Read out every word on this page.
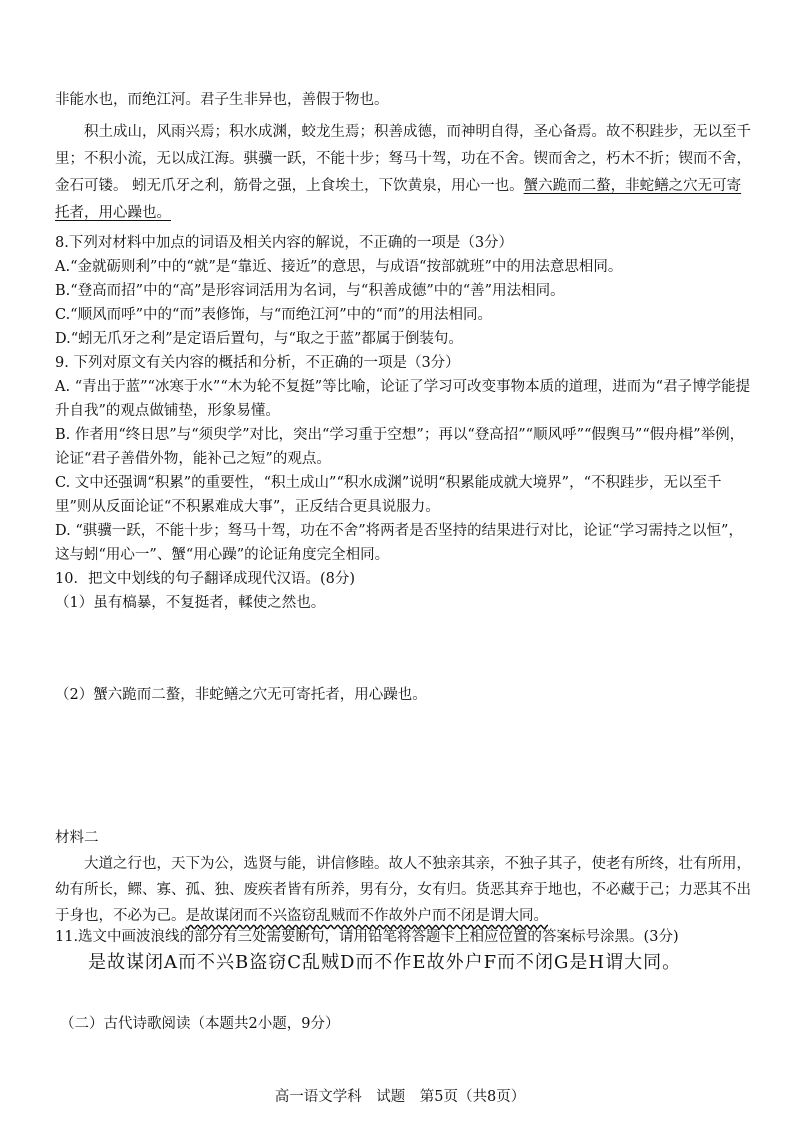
非能水也，而绝江河。君子生非异也，善假于物也。

积土成山，风雨兴焉；积水成渊，蛟龙生焉；积善成德，而神明自得，圣心备焉。故不积跬步，无以至千里；不积小流，无以成江海。骐骥一跃，不能十步；驽马十驾，功在不舍。锲而舍之，朽木不折；锲而不舍，金石可镂。 蚓无爪牙之利，筋骨之强，上食埃土，下饮黄泉，用心一也。蟹六跪而二螯，非蛇鳝之穴无可寄托者，用心躁也。

8.下列对材料中加点的词语及相关内容的解说，不正确的一项是（3分）

A.“金就砺则利”中的“就”是“靠近、接近”的意思，与成语“按部就班”中的用法意思相同。

B.“登高而招”中的“高”是形容词活用为名词，与“积善成德”中的“善”用法相同。

C.“顺风而呼”中的“而”表修饰，与“而绝江河”中的“而”的用法相同。

D.“蚓无爪牙之利”是定语后置句，与“取之于蓝”都属于倒装句。

9. 下列对原文有关内容的概括和分析，不正确的一项是（3分）

A. “青出于蓝”“冰寒于水”“木为轮不复挺”等比喻，论证了学习可改变事物本质的道理，进而为“君子博学能提升自我”的观点做铺垫，形象易懂。

B. 作者用“终日思”与“须臾学”对比，突出“学习重于空想”；再以“登高招”“顺风呼”“假舆马”“假舟楫”举例，论证“君子善借外物，能补己之短”的观点。

C. 文中还强调“积累”的重要性，“积土成山”“积水成渊”说明“积累能成就大境界”，“不积跬步，无以至千里”则从反面论证“不积累难成大事”，正反结合更具说服力。

D. “骐骥一跃，不能十步；驽马十驾，功在不舍”将两者是否坚持的结果进行对比，论证“学习需持之以恒”，这与蚓“用心一”、蟹“用心躁”的论证角度完全相同。

10．把文中划线的句子翻译成现代汉语。(8分)

（1）虽有槁暴，不复挺者，輮使之然也。

（2）蟹六跪而二螯，非蛇鳝之穴无可寄托者，用心躁也。

材料二

大道之行也，天下为公，选贤与能，讲信修睦。故人不独亲其亲，不独子其子，使老有所终，壮有所用，幼有所长，鳏、寡、孤、独、废疾者皆有所养，男有分，女有归。货恶其弃于地也，不必藏于己；力恶其不出于身也，不必为己。是故谋闭而不兴盗窃乱贼而不作故外户而不闭是谓大同。

11.选文中画波浪线的部分有三处需要断句，请用铅笔将答题卡上相应位置的答案标号涂黑。(3分)

是故谋闭A而不兴B盗窃C乱贼D而不作E故外户F而不闭G是H谓大同。

（二）古代诗歌阅读（本题共2小题，9分）

高一语文学科　试题　第5页（共8页）
